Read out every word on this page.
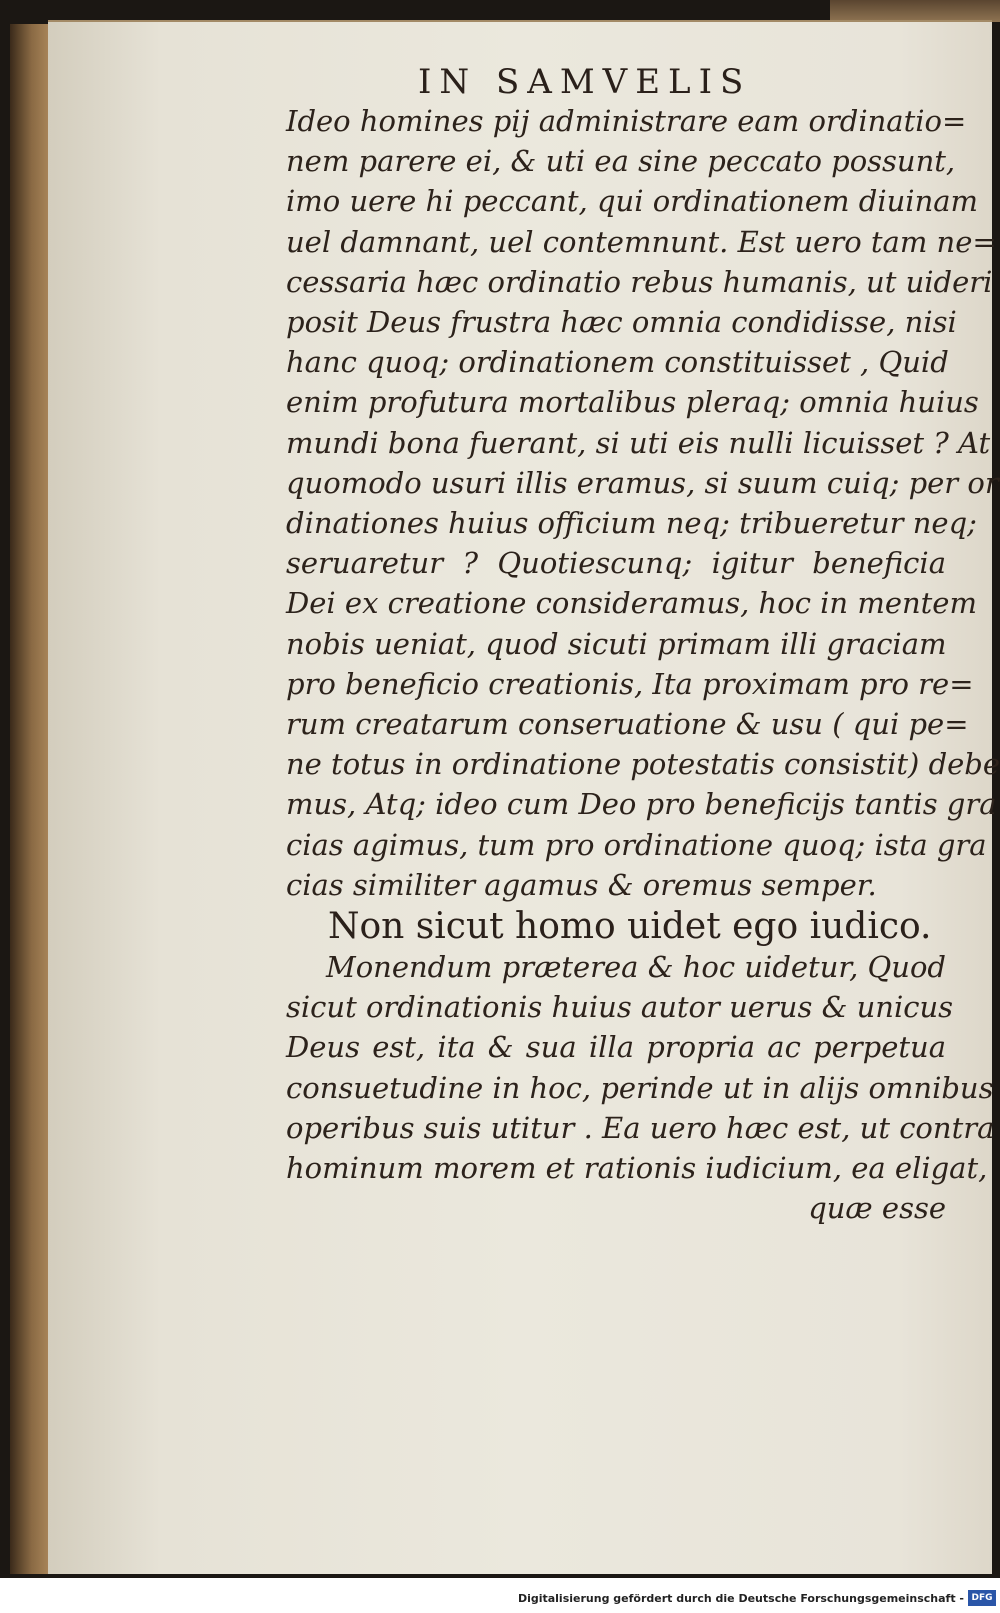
IN SAMVELIS
Ideo homines pij administrare eam ordinatio=
nem parere ei, & uti ea sine peccato possunt,
imo uere hi peccant, qui ordinationem diuinam
uel damnant, uel contemnunt. Est uero tam ne=
cessaria hæc ordinatio rebus humanis, ut uideri
posit Deus frustra hæc omnia condidisse, nisi
hanc quoq; ordinationem constituisset , Quid
enim profutura mortalibus pleraq; omnia huius
mundi bona fuerant, si uti eis nulli licuisset ? At
quomodo usuri illis eramus, si suum cuiq; per or
dinationes huius officium neq; tribueretur neq;
seruaretur ? Quotiescunq; igitur beneficia
Dei ex creatione consideramus, hoc in mentem
nobis ueniat, quod sicuti primam illi graciam
pro beneficio creationis, Ita proximam pro re=
rum creatarum conseruatione & usu ( qui pe=
ne totus in ordinatione potestatis consistit) debe
mus, Atq; ideo cum Deo pro beneficijs tantis gra
cias agimus, tum pro ordinatione quoq; ista gra
cias similiter agamus & oremus semper.
Non sicut homo uidet ego iudico.
Monendum præterea & hoc uidetur, Quod
sicut ordinationis huius autor uerus & unicus
Deus est, ita & sua illa propria ac perpetua
consuetudine in hoc, perinde ut in alijs omnibus
operibus suis utitur . Ea uero hæc est, ut contra
hominum morem et rationis iudicium, ea eligat,
quæ esse
Digitalisierung gefördert durch die Deutsche Forschungsgemeinschaft - DFG
